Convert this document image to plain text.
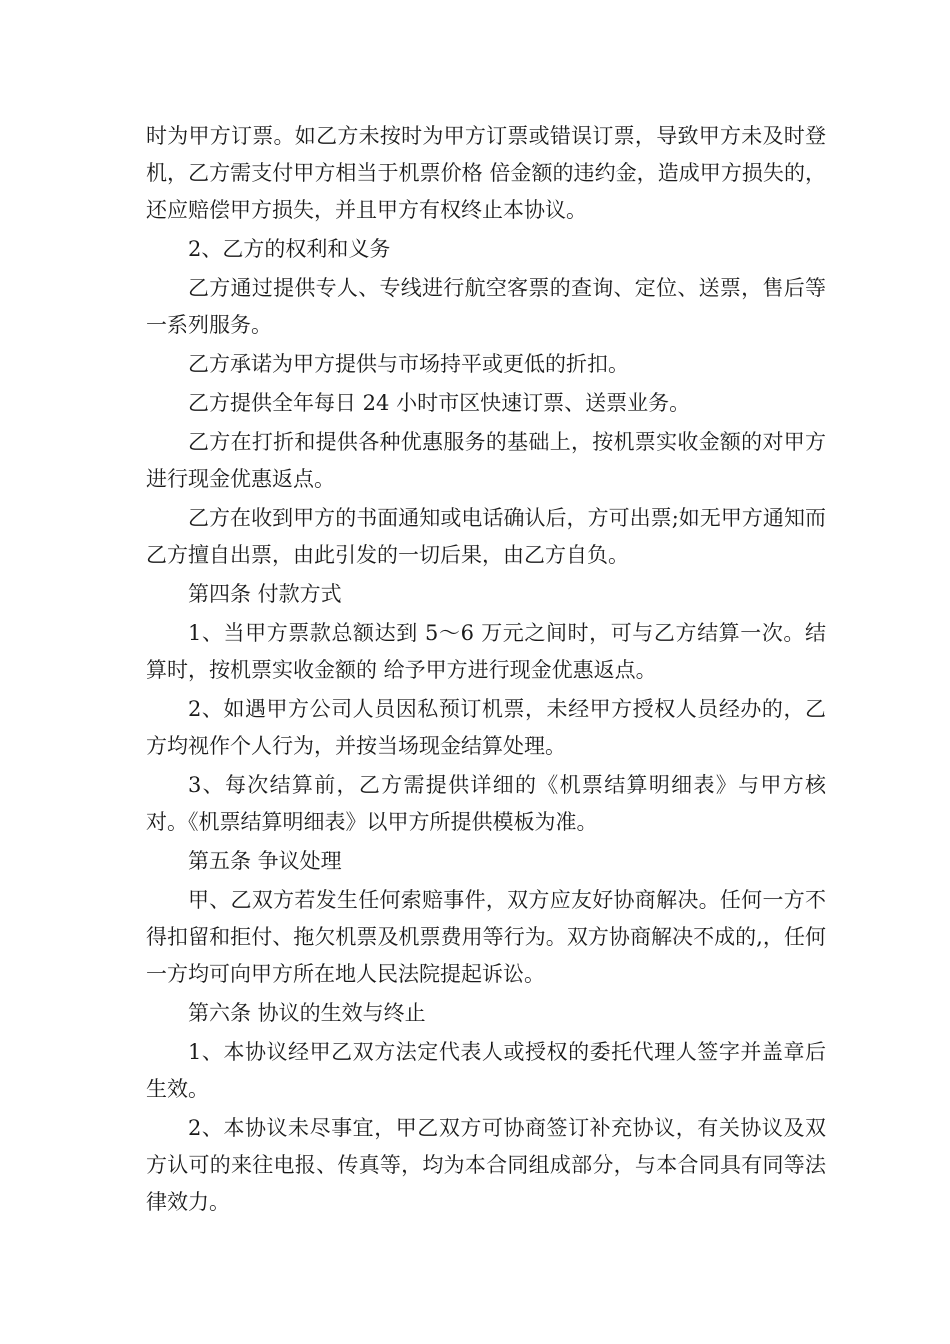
时为甲方订票。如乙方未按时为甲方订票或错误订票，导致甲方未及时登机，乙方需支付甲方相当于机票价格 倍金额的违约金，造成甲方损失的，还应赔偿甲方损失，并且甲方有权终止本协议。

2、乙方的权利和义务

乙方通过提供专人、专线进行航空客票的查询、定位、送票，售后等一系列服务。

乙方承诺为甲方提供与市场持平或更低的折扣。

乙方提供全年每日 24 小时市区快速订票、送票业务。

乙方在打折和提供各种优惠服务的基础上，按机票实收金额的对甲方进行现金优惠返点。

乙方在收到甲方的书面通知或电话确认后，方可出票;如无甲方通知而乙方擅自出票，由此引发的一切后果，由乙方自负。

第四条 付款方式

1、当甲方票款总额达到 5～6 万元之间时，可与乙方结算一次。结算时，按机票实收金额的 给予甲方进行现金优惠返点。

2、如遇甲方公司人员因私预订机票，未经甲方授权人员经办的，乙方均视作个人行为，并按当场现金结算处理。

3、每次结算前，乙方需提供详细的《机票结算明细表》与甲方核对。《机票结算明细表》以甲方所提供模板为准。

第五条 争议处理

甲、乙双方若发生任何索赔事件，双方应友好协商解决。任何一方不得扣留和拒付、拖欠机票及机票费用等行为。双方协商解决不成的,，任何一方均可向甲方所在地人民法院提起诉讼。

第六条 协议的生效与终止

1、本协议经甲乙双方法定代表人或授权的委托代理人签字并盖章后生效。

2、本协议未尽事宜，甲乙双方可协商签订补充协议，有关协议及双方认可的来往电报、传真等，均为本合同组成部分，与本合同具有同等法律效力。
